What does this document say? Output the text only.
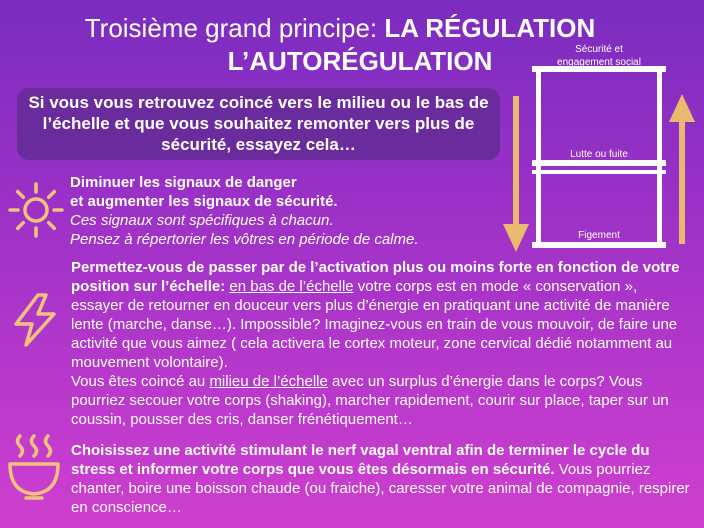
Troisième grand principe: LA RÉGULATION
L’AUTORÉGULATION
Si vous vous retrouvez coincé vers le milieu ou le bas de l’échelle et que vous souhaitez remonter vers plus de sécurité, essayez cela…
Sécurité et
engagement social
Lutte ou fuite
Figement
Diminuer les signaux de danger
et augmenter les signaux de sécurité.
Ces signaux sont spécifiques à chacun.
Pensez à répertorier les vôtres en période de calme.
Permettez-vous de passer par de l’activation plus ou moins forte en fonction de votre position sur l’échelle: en bas de l’échelle votre corps est en mode « conservation », essayer de retourner en douceur vers plus d’énergie en pratiquant une activité de manière lente (marche, danse…). Impossible? Imaginez-vous en train de vous mouvoir, de faire une activité que vous aimez ( cela activera le cortex moteur, zone cervical dédié notamment au mouvement volontaire).
Vous êtes coincé au milieu de l’échelle avec un surplus d’énergie dans le corps? Vous pourriez secouer votre corps (shaking), marcher rapidement, courir sur place, taper sur un coussin, pousser des cris, danser frénétiquement…
Choisissez une activité stimulant le nerf vagal ventral afin de terminer le cycle du stress et informer votre corps que vous êtes désormais en sécurité. Vous pourriez chanter, boire une boisson chaude (ou fraiche), caresser votre animal de compagnie, respirer en conscience…
